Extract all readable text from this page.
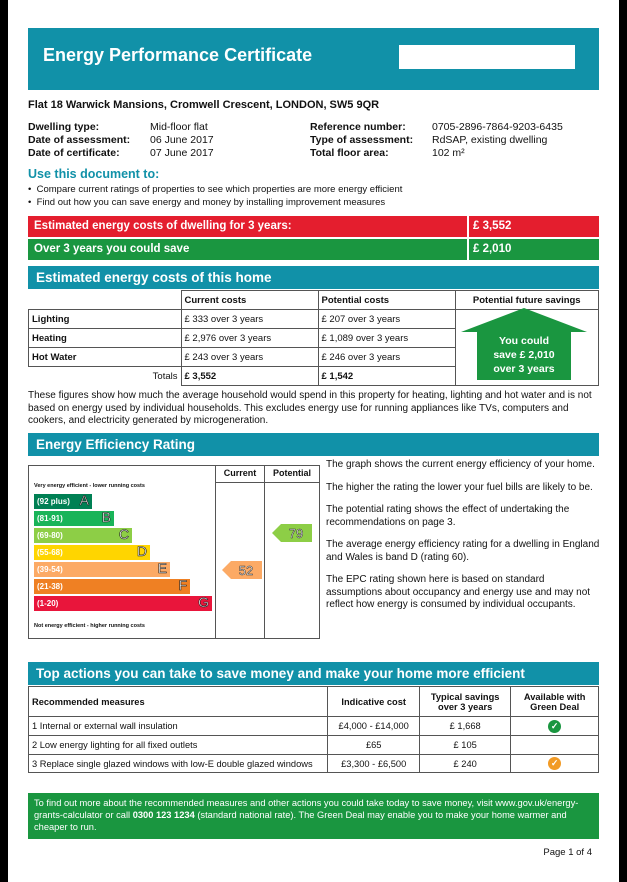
Energy Performance Certificate
Flat 18 Warwick Mansions, Cromwell Crescent, LONDON, SW5 9QR
Dwelling type:	Mid-floor flat
Date of assessment: 06 June 2017
Date of certificate:	07 June 2017
Reference number:	0705-2896-7864-9203-6435
Type of assessment: RdSAP, existing dwelling
Total floor area:	102 m²
Use this document to:
•  Compare current ratings of properties to see which properties are more energy efficient
•  Find out how you can save energy and money by installing improvement measures
Estimated energy costs of dwelling for 3 years:	£ 3,552
Over 3 years you could save	£ 2,010
Estimated energy costs of this home
	Current costs	Potential costs	Potential future savings
Lighting	£ 333 over 3 years	£ 207 over 3 years	You could
save £ 2,010
over 3 years

Heating	£ 2,976 over 3 years	£ 1,089 over 3 years	
Hot Water	£ 243 over 3 years	£ 246 over 3 years	
Totals	£ 3,552	£ 1,542	
These figures show how much the average household would spend in this property for heating, lighting and hot water and is not based on energy used by individual households. This excludes energy use for running appliances like TVs, computers and cookers, and electricity generated by microgeneration.
Energy Efficiency Rating
Current	Potential
Very energy efficient - lower running costs
(92 plus) A
(81-91)	B
(69-80)	C
(55-68)	D
(39-54)	E
(21-38)	F
(1-20)	G
Not energy efficient - higher running costs
52
79
The graph shows the current energy efficiency of your home.
The higher the rating the lower your fuel bills are likely to be.
The potential rating shows the effect of undertaking the recommendations on page 3.
The average energy efficiency rating for a dwelling in England and Wales is band D (rating 60).
The EPC rating shown here is based on standard assumptions about occupancy and energy use and may not reflect how energy is consumed by individual occupants.
Top actions you can take to save money and make your home more efficient
Recommended measures	Indicative cost	Typical savings over 3 years	Available with Green Deal
1 Internal or external wall insulation	£4,000 - £14,000	£ 1,668	✓
2 Low energy lighting for all fixed outlets	£65	£ 105	
3 Replace single glazed windows with low-E double glazed windows	£3,300 - £6,500	£ 240	✓
To find out more about the recommended measures and other actions you could take today to save money, visit www.gov.uk/energy-grants-calculator or call 0300 123 1234 (standard national rate). The Green Deal may enable you to make your home warmer and cheaper to run.
Page 1 of 4
